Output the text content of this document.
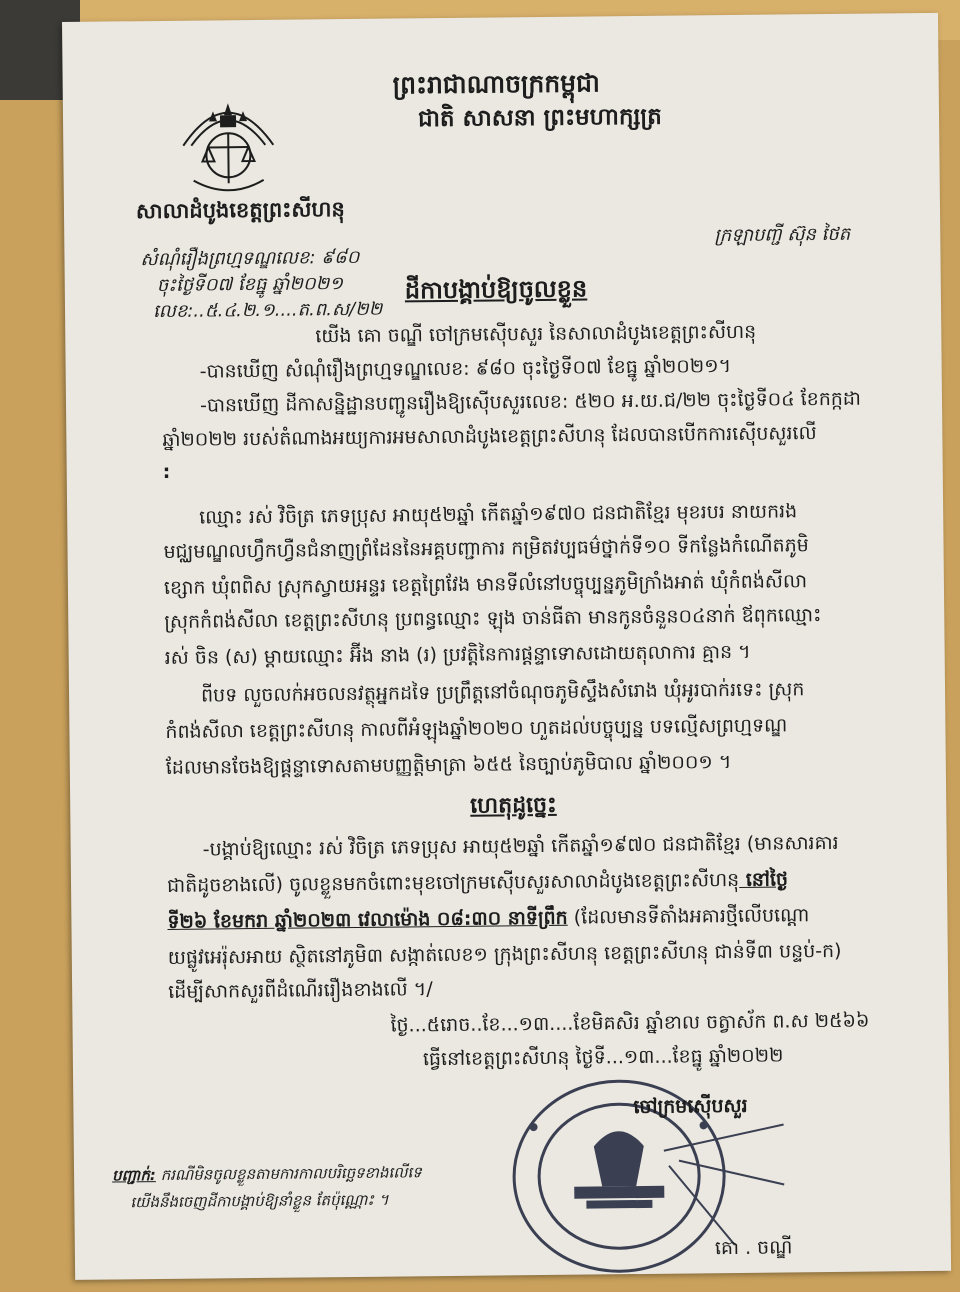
ព្រះរាជាណាចក្រកម្ពុជា
ជាតិ សាសនា ព្រះមហាក្សត្រ
សាលាដំបូងខេត្តព្រះសីហនុ
ក្រឡាបញ្ជី ស៊ុន ថៃត
សំណុំរឿងព្រហ្មទណ្ឌលេខ: ៩៨០
ចុះថ្ងៃទី០៧ ខែធ្នូ ឆ្នាំ២០២១
លេខ:..៥.៤.២.១....ត.ព.ស/២២
ដីកាបង្គាប់ឱ្យចូលខ្លួន
យើង គោ ចណ្ឌី ចៅក្រមស៊ើបសួរ នៃសាលាដំបូងខេត្តព្រះសីហនុ
-បានឃើញ សំណុំរឿងព្រហ្មទណ្ឌលេខ: ៩៨០ ចុះថ្ងៃទី០៧ ខែធ្នូ ឆ្នាំ២០២១។
-បានឃើញ ដីកាសន្និដ្ឋានបញ្ជូនរឿងឱ្យស៊ើបសួរលេខ: ៥២០ អ.យ.ជ/២២ ចុះថ្ងៃទី០៤ ខែកក្កដា
ឆ្នាំ២០២២ របស់តំណាងអយ្យការអមសាលាដំបូងខេត្តព្រះសីហនុ ដែលបានបើកការស៊ើបសួរលើ
:
ឈ្មោះ រស់ វិចិត្រ ភេទប្រុស អាយុ៥២ឆ្នាំ កើតឆ្នាំ១៩៧០ ជនជាតិខ្មែរ មុខរបរ នាយករង
មជ្ឈមណ្ឌលហ្វឹកហ្វឺនជំនាញព្រំដែននៃអគ្គបញ្ជាការ កម្រិតវប្បធម៌ថ្នាក់ទី១០ ទីកន្លែងកំណើតភូមិ
ខ្សោក ឃុំពពិស ស្រុកស្វាយអន្ទរ ខេត្តព្រៃវែង មានទីលំនៅបច្ចុប្បន្នភូមិក្រាំងអាត់ ឃុំកំពង់សីលា
ស្រុកកំពង់សីលា ខេត្តព្រះសីហនុ ប្រពន្ធឈ្មោះ ឡុង ចាន់ធីតា មានកូនចំនួន០៤នាក់ ឪពុកឈ្មោះ
រស់ ចិន (ស) ម្តាយឈ្មោះ អ៊ីង នាង (រ) ប្រវត្តិនៃការផ្តន្ទាទោសដោយតុលាការ គ្មាន ។
ពីបទ លួចលក់អចលនវត្ថុអ្នកដទៃ ប្រព្រឹត្តនៅចំណុចភូមិស្ទឹងសំរោង ឃុំអូរបាក់រទេះ ស្រុក
កំពង់សីលា ខេត្តព្រះសីហនុ កាលពីអំឡុងឆ្នាំ២០២០ ហួតដល់បច្ចុប្បន្ន បទល្មើសព្រហ្មទណ្ឌ
ដែលមានចែងឱ្យផ្តន្ទាទោសតាមបញ្ញត្តិមាត្រា ៦៥៥ នៃច្បាប់ភូមិបាល ឆ្នាំ២០០១ ។
ហេតុដូច្នេះ
-បង្គាប់ឱ្យឈ្មោះ រស់ វិចិត្រ ភេទប្រុស អាយុ៥២ឆ្នាំ កើតឆ្នាំ១៩៧០ ជនជាតិខ្មែរ (មានសារគារ
ជាតិដូចខាងលើ) ចូលខ្លួនមកចំពោះមុខចៅក្រមស៊ើបសួរសាលាដំបូងខេត្តព្រះសីហនុ នៅថ្ងៃ
ទី២៦ ខែមករា ឆ្នាំ២០២៣ វេលាម៉ោង ០៨:៣០ នាទីព្រឹក (ដែលមានទីតាំងអគារថ្មីលើបណ្ដោ
យផ្លូវអេរ៉ុសអាយ ស្ថិតនៅភូមិ៣ សង្កាត់លេខ១ ក្រុងព្រះសីហនុ ខេត្តព្រះសីហនុ ជាន់ទី៣ បន្ទប់-ក)
ដើម្បីសាកសួរពីដំណើររឿងខាងលើ ។/
ថ្ងៃ...៥រោច..ខែ...១៣....ខែមិគសិរ ឆ្នាំខាល ចត្វាស័ក ព.ស ២៥៦៦
ធ្វើនៅខេត្តព្រះសីហនុ ថ្ងៃទី...១៣...ខែធ្នូ ឆ្នាំ២០២២
ចៅក្រមស៊ើបសួរ
គោ . ចណ្ឌី
បញ្ជាក់: ករណីមិនចូលខ្លួនតាមការកាលបរិច្ឆេទខាងលើទេ
យើងនឹងចេញដីកាបង្គាប់ឱ្យនាំខ្លួន តែប៉ុណ្ណោះ ។
